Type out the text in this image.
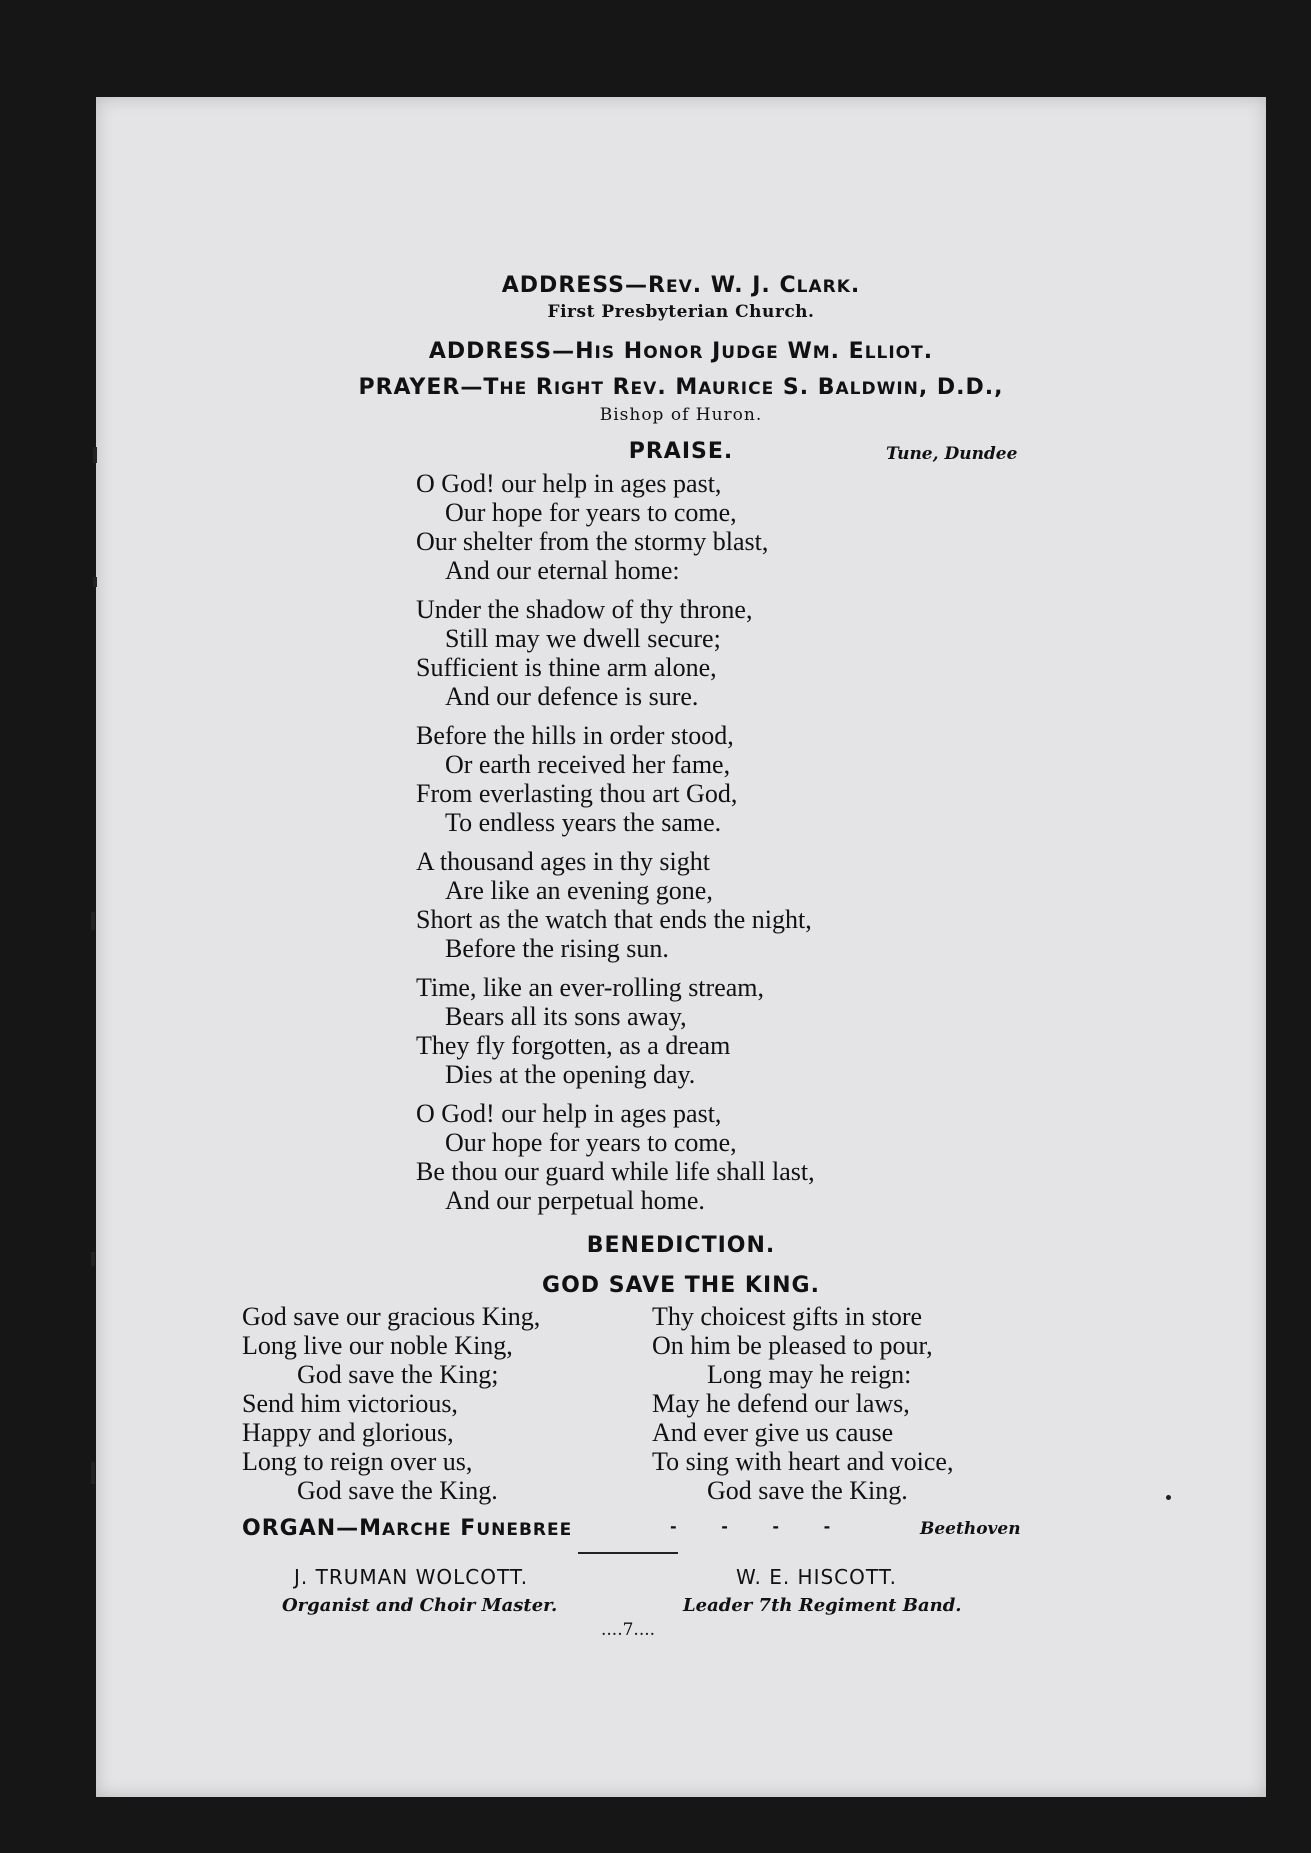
ADDRESS—REV. W. J. CLARK.
First Presbyterian Church.
ADDRESS—HIS HONOR JUDGE WM. ELLIOT.
PRAYER—THE RIGHT REV. MAURICE S. BALDWIN, D.D.,
Bishop of Huron.
PRAISE.	Tune, Dundee
O God! our help in ages past,
Our hope for years to come,
Our shelter from the stormy blast,
And our eternal home:
Under the shadow of thy throne,
Still may we dwell secure;
Sufficient is thine arm alone,
And our defence is sure.
Before the hills in order stood,
Or earth received her fame,
From everlasting thou art God,
To endless years the same.
A thousand ages in thy sight
Are like an evening gone,
Short as the watch that ends the night,
Before the rising sun.
Time, like an ever-rolling stream,
Bears all its sons away,
They fly forgotten, as a dream
Dies at the opening day.
O God! our help in ages past,
Our hope for years to come,
Be thou our guard while life shall last,
And our perpetual home.
BENEDICTION.
GOD SAVE THE KING.
God save our gracious King,
Long live our noble King,
God save the King;
Send him victorious,
Happy and glorious,
Long to reign over us,
God save the King.
Thy choicest gifts in store
On him be pleased to pour,
Long may he reign:
May he defend our laws,
And ever give us cause
To sing with heart and voice,
God save the King.
ORGAN—MARCHE FUNEBREE	-        -        -        -	Beethoven
J. TRUMAN WOLCOTT.
Organist and Choir Master.
W. E. HISCOTT.
Leader 7th Regiment Band.
....7....
